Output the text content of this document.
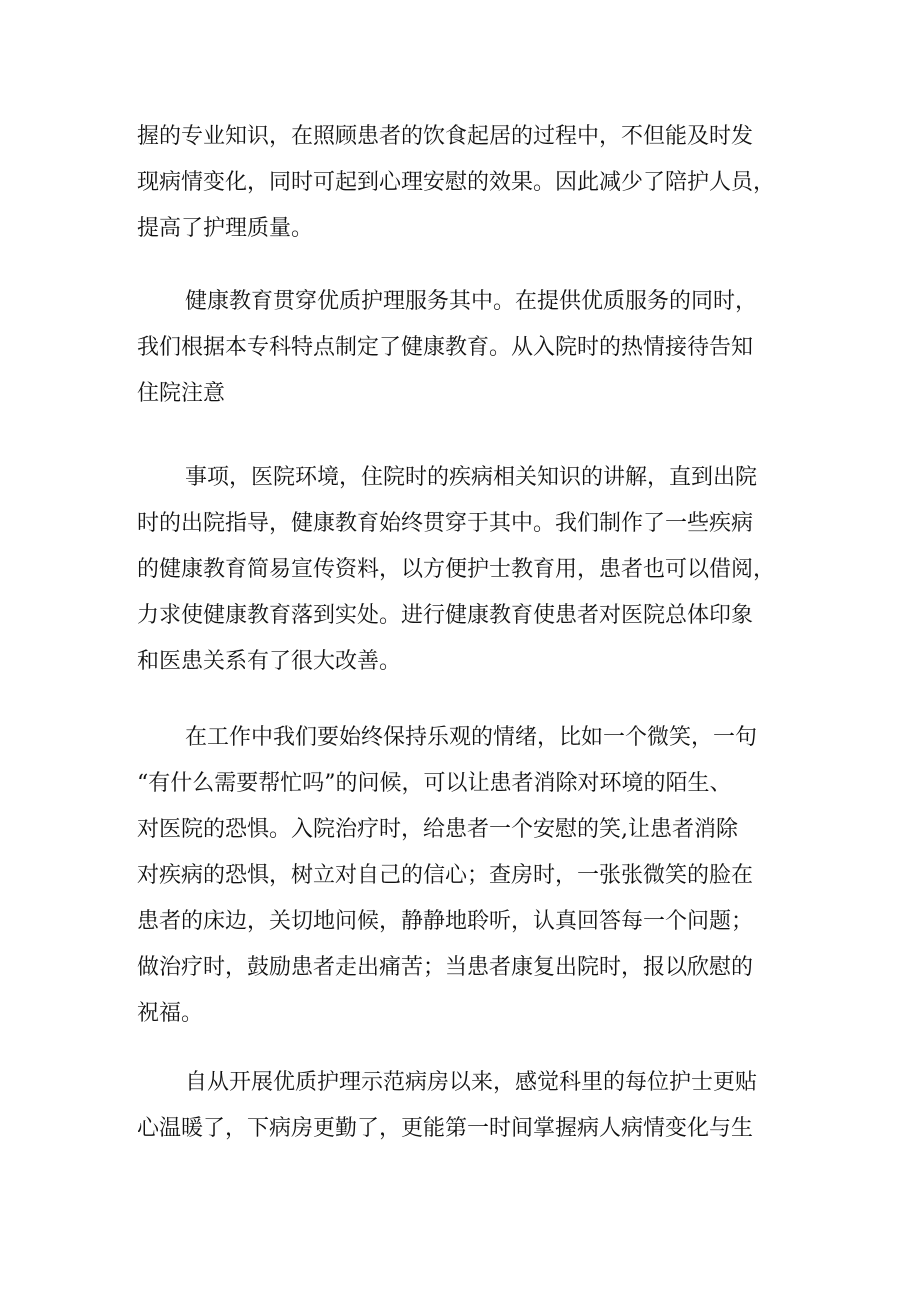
握的专业知识，在照顾患者的饮食起居的过程中，不但能及时发
现病情变化，同时可起到心理安慰的效果。因此减少了陪护人员，
提高了护理质量。
健康教育贯穿优质护理服务其中。在提供优质服务的同时，
我们根据本专科特点制定了健康教育。从入院时的热情接待告知
住院注意
事项，医院环境，住院时的疾病相关知识的讲解，直到出院
时的出院指导，健康教育始终贯穿于其中。我们制作了一些疾病
的健康教育简易宣传资料，以方便护士教育用，患者也可以借阅，
力求使健康教育落到实处。进行健康教育使患者对医院总体印象
和医患关系有了很大改善。
在工作中我们要始终保持乐观的情绪，比如一个微笑，一句
“有什么需要帮忙吗”的问候，可以让患者消除对环境的陌生、
对医院的恐惧。入院治疗时，给患者一个安慰的笑,让患者消除
对疾病的恐惧，树立对自己的信心；查房时，一张张微笑的脸在
患者的床边，关切地问候，静静地聆听，认真回答每一个问题；
做治疗时，鼓励患者走出痛苦；当患者康复出院时，报以欣慰的
祝福。
自从开展优质护理示范病房以来，感觉科里的每位护士更贴
心温暖了，下病房更勤了，更能第一时间掌握病人病情变化与生
